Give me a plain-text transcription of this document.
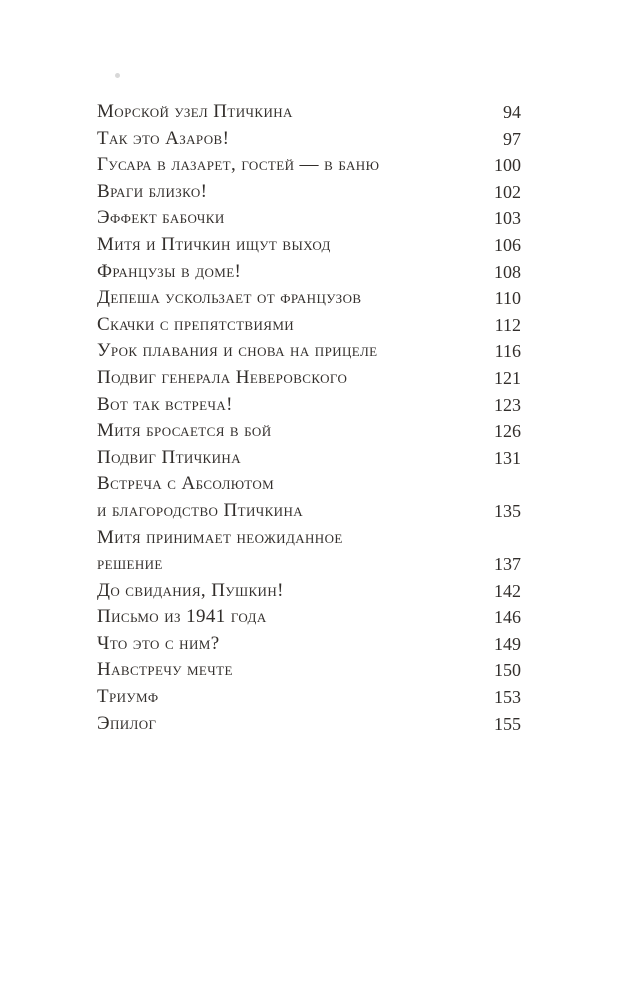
Морской узел Птичкина	94
Так это Азаров!	97
Гусара в лазарет, гостей — в баню	100
Враги близко!	102
Эффект бабочки	103
Митя и Птичкин ищут выход	106
Французы в доме!	108
Депеша ускользает от французов	110
Скачки с препятствиями	112
Урок плавания и снова на прицеле	116
Подвиг генерала Неверовского	121
Вот так встреча!	123
Митя бросается в бой	126
Подвиг Птичкина	131
Встреча с Абсолютом
и благородство Птичкина	135
Митя принимает неожиданное
решение	137
До свидания, Пушкин!	142
Письмо из 1941 года	146
Что это с ним?	149
Навстречу мечте	150
Триумф	153
Эпилог	155
